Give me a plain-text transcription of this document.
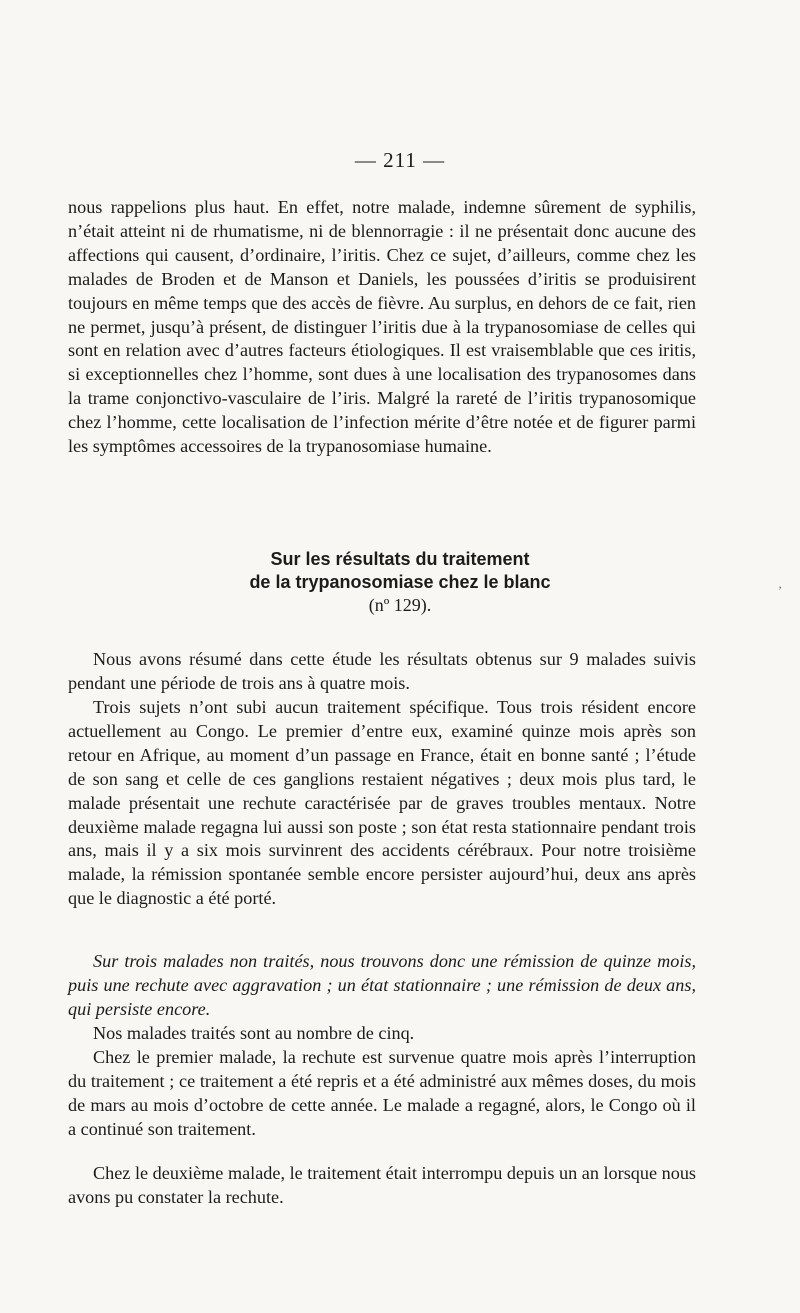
— 211 —
nous rappelions plus haut. En effet, notre malade, indemne sûrement de syphilis, n’était atteint ni de rhumatisme, ni de blennorragie : il ne présentait donc aucune des affections qui causent, d’ordinaire, l’iritis. Chez ce sujet, d’ailleurs, comme chez les malades de Broden et de Manson et Daniels, les poussées d’iritis se produisirent toujours en même temps que des accès de fièvre. Au surplus, en dehors de ce fait, rien ne permet, jusqu’à présent, de distinguer l’iritis due à la trypanosomiase de celles qui sont en relation avec d’autres facteurs étiologiques. Il est vraisemblable que ces iritis, si exceptionnelles chez l’homme, sont dues à une localisation des trypanosomes dans la trame conjonctivo-vasculaire de l’iris. Malgré la rareté de l’iritis trypanosomique chez l’homme, cette localisation de l’infection mérite d’être notée et de figurer parmi les symptômes accessoires de la trypanosomiase humaine.
Sur les résultats du traitement
de la trypanosomiase chez le blanc
(nº 129).
Nous avons résumé dans cette étude les résultats obtenus sur 9 malades suivis pendant une période de trois ans à quatre mois.
Trois sujets n’ont subi aucun traitement spécifique. Tous trois résident encore actuellement au Congo. Le premier d’entre eux, examiné quinze mois après son retour en Afrique, au moment d’un passage en France, était en bonne santé ; l’étude de son sang et celle de ces ganglions restaient négatives ; deux mois plus tard, le malade présentait une rechute caractérisée par de graves troubles mentaux. Notre deuxième malade regagna lui aussi son poste ; son état resta stationnaire pendant trois ans, mais il y a six mois survinrent des accidents cérébraux. Pour notre troisième malade, la rémission spontanée semble encore persister aujourd’hui, deux ans après que le diagnostic a été porté.
Sur trois malades non traités, nous trouvons donc une rémission de quinze mois, puis une rechute avec aggravation ; un état stationnaire ; une rémission de deux ans, qui persiste encore.
Nos malades traités sont au nombre de cinq.
Chez le premier malade, la rechute est survenue quatre mois après l’interruption du traitement ; ce traitement a été repris et a été administré aux mêmes doses, du mois de mars au mois d’octobre de cette année. Le malade a regagné, alors, le Congo où il a continué son traitement.
Chez le deuxième malade, le traitement était interrompu depuis un an lorsque nous avons pu constater la rechute.
’
